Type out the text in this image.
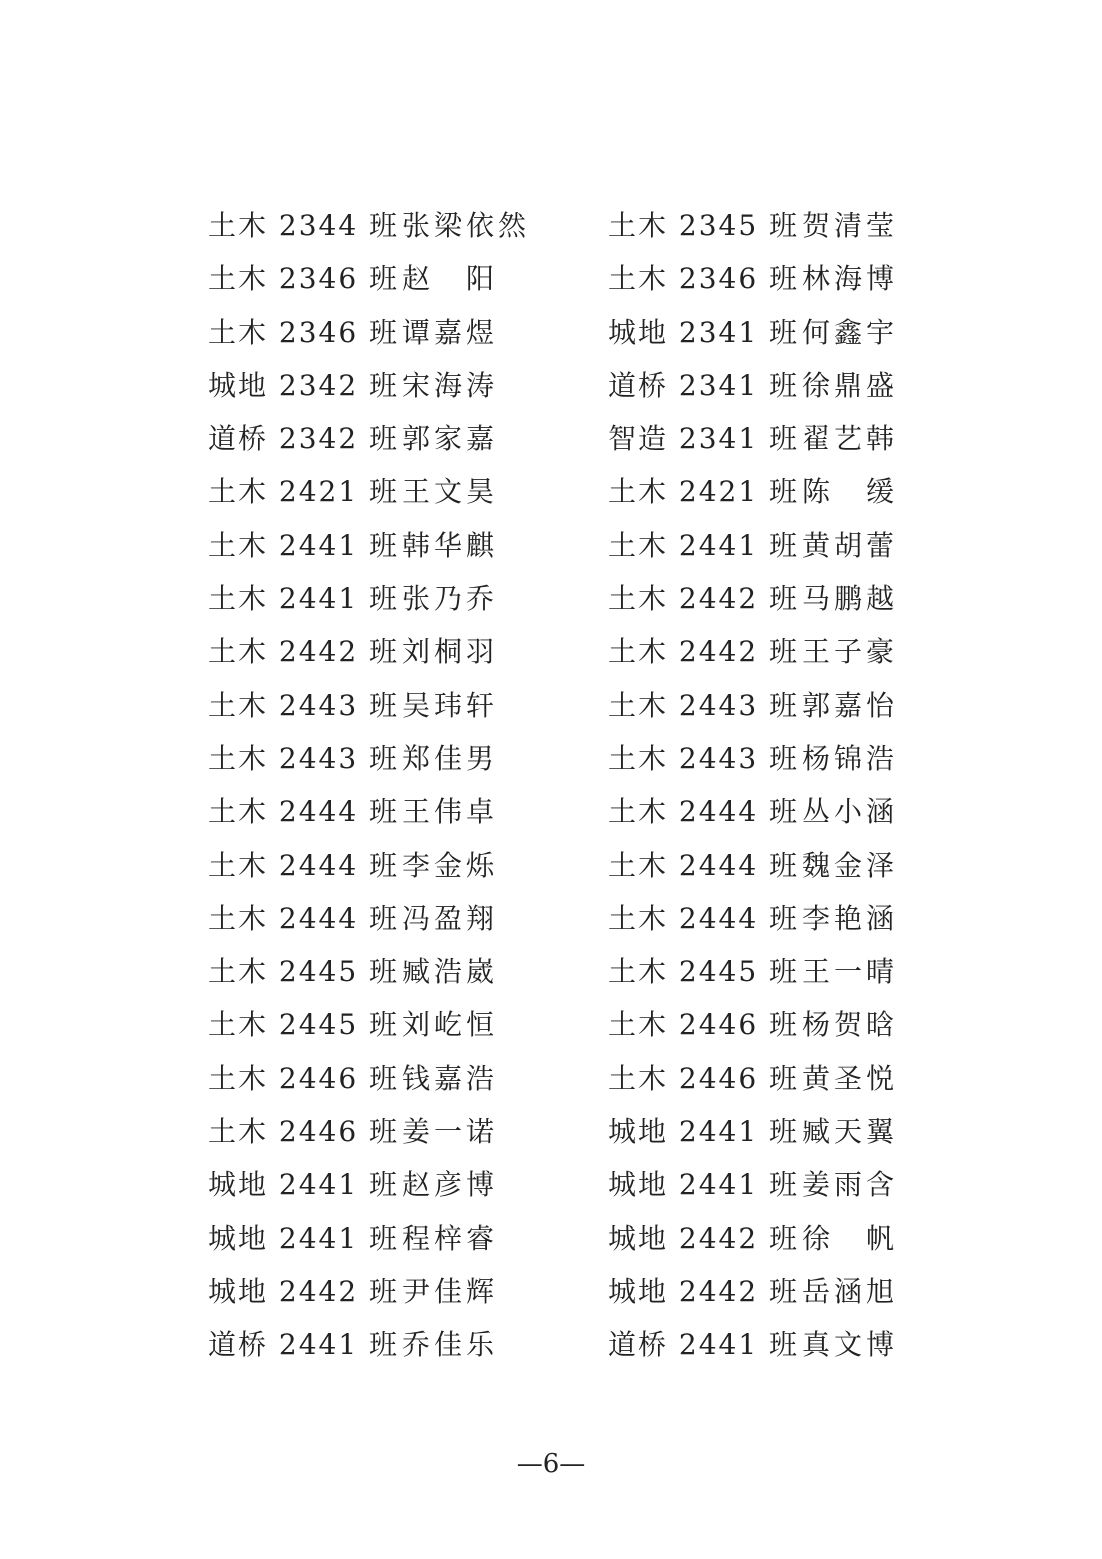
土木 2344 班 张梁依然	土木 2345 班 贺清莹
土木 2346 班 赵　阳	土木 2346 班 林海博
土木 2346 班 谭嘉煜	城地 2341 班 何鑫宇
城地 2342 班 宋海涛	道桥 2341 班 徐鼎盛
道桥 2342 班 郭家嘉	智造 2341 班 翟艺韩
土木 2421 班 王文昊	土木 2421 班 陈　缓
土木 2441 班 韩华麒	土木 2441 班 黄胡蕾
土木 2441 班 张乃乔	土木 2442 班 马鹏越
土木 2442 班 刘桐羽	土木 2442 班 王子豪
土木 2443 班 吴玮轩	土木 2443 班 郭嘉怡
土木 2443 班 郑佳男	土木 2443 班 杨锦浩
土木 2444 班 王伟卓	土木 2444 班 丛小涵
土木 2444 班 李金烁	土木 2444 班 魏金泽
土木 2444 班 冯盈翔	土木 2444 班 李艳涵
土木 2445 班 臧浩崴	土木 2445 班 王一晴
土木 2445 班 刘屹恒	土木 2446 班 杨贺晗
土木 2446 班 钱嘉浩	土木 2446 班 黄圣悦
土木 2446 班 姜一诺	城地 2441 班 臧天翼
城地 2441 班 赵彦博	城地 2441 班 姜雨含
城地 2441 班 程梓睿	城地 2442 班 徐　帆
城地 2442 班 尹佳辉	城地 2442 班 岳涵旭
道桥 2441 班 乔佳乐	道桥 2441 班 真文博
—6—
